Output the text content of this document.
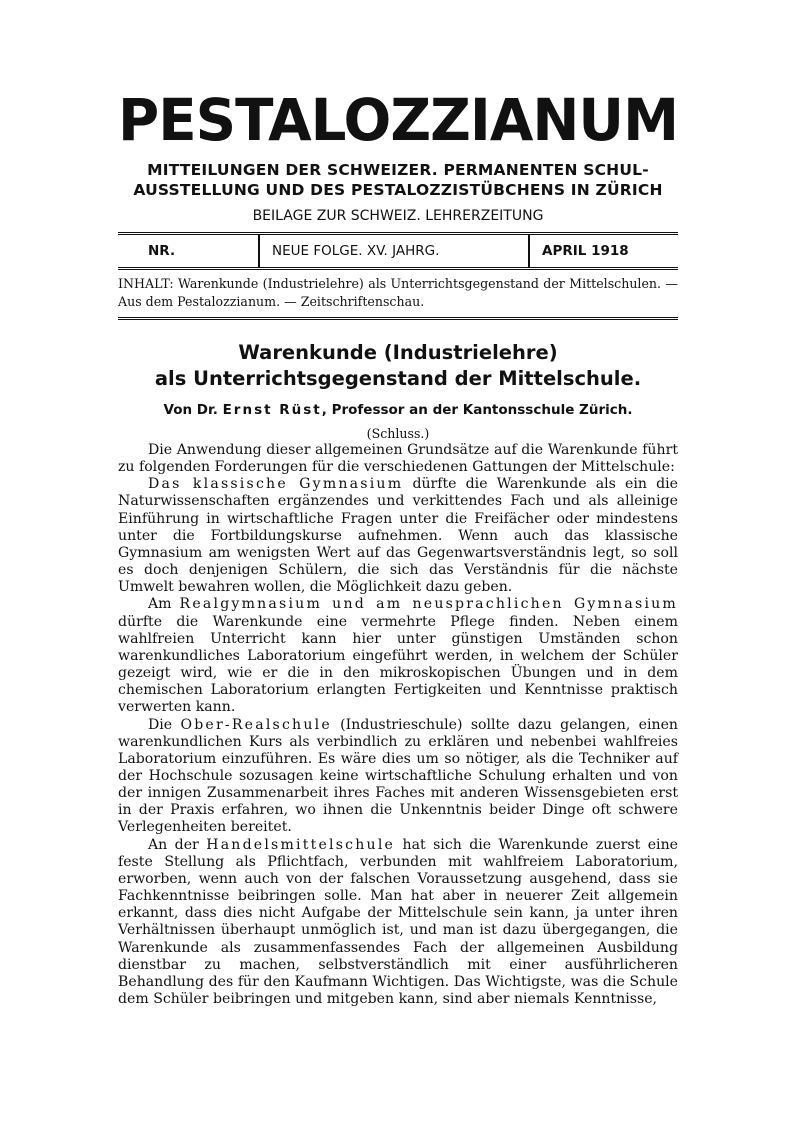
PESTALOZZIANUM
MITTEILUNGEN DER SCHWEIZER. PERMANENTEN SCHUL-
AUSSTELLUNG UND DES PESTALOZZISTÜBCHENS IN ZÜRICH
BEILAGE ZUR SCHWEIZ. LEHRERZEITUNG
NR.	NEUE FOLGE. XV. JAHRG.	APRIL 1918
INHALT: Warenkunde (Industrielehre) als Unterrichtsgegenstand der Mittelschulen. — Aus dem Pestalozzianum. — Zeitschriftenschau.
Warenkunde (Industrielehre)
als Unterrichtsgegenstand der Mittelschule.
Von Dr. Ernst Rüst, Professor an der Kantonsschule Zürich.
(Schluss.)

Die Anwendung dieser allgemeinen Grundsätze auf die Warenkunde führt zu folgenden Forderungen für die verschiedenen Gattungen der Mittelschule:

Das klassische Gymnasium dürfte die Warenkunde als ein die Naturwissenschaften ergänzendes und verkittendes Fach und als alleinige Einführung in wirtschaftliche Fragen unter die Freifächer oder mindestens unter die Fortbildungskurse aufnehmen. Wenn auch das klassische Gymnasium am wenigsten Wert auf das Gegenwartsverständnis legt, so soll es doch denjenigen Schülern, die sich das Verständnis für die nächste Umwelt bewahren wollen, die Möglichkeit dazu geben.

Am Realgymnasium und am neusprachlichen Gymnasium dürfte die Warenkunde eine vermehrte Pflege finden. Neben einem wahlfreien Unterricht kann hier unter günstigen Umständen schon warenkundliches Laboratorium eingeführt werden, in welchem der Schüler gezeigt wird, wie er die in den mikroskopischen Übungen und in dem chemischen Laboratorium erlangten Fertigkeiten und Kenntnisse praktisch verwerten kann.

Die Ober-Realschule (Industrieschule) sollte dazu gelangen, einen warenkundlichen Kurs als verbindlich zu erklären und nebenbei wahlfreies Laboratorium einzuführen. Es wäre dies um so nötiger, als die Techniker auf der Hochschule sozusagen keine wirtschaftliche Schulung erhalten und von der innigen Zusammenarbeit ihres Faches mit anderen Wissensgebieten erst in der Praxis erfahren, wo ihnen die Unkenntnis beider Dinge oft schwere Verlegenheiten bereitet.

An der Handelsmittelschule hat sich die Warenkunde zuerst eine feste Stellung als Pflichtfach, verbunden mit wahlfreiem Laboratorium, erworben, wenn auch von der falschen Voraussetzung ausgehend, dass sie Fachkenntnisse beibringen solle. Man hat aber in neuerer Zeit allgemein erkannt, dass dies nicht Aufgabe der Mittelschule sein kann, ja unter ihren Verhältnissen überhaupt unmöglich ist, und man ist dazu übergegangen, die Warenkunde als zusammenfassendes Fach der allgemeinen Ausbildung dienstbar zu machen, selbstverständlich mit einer ausführlicheren Behandlung des für den Kaufmann Wichtigen. Das Wichtigste, was die Schule dem Schüler beibringen und mitgeben kann, sind aber niemals Kenntnisse,
